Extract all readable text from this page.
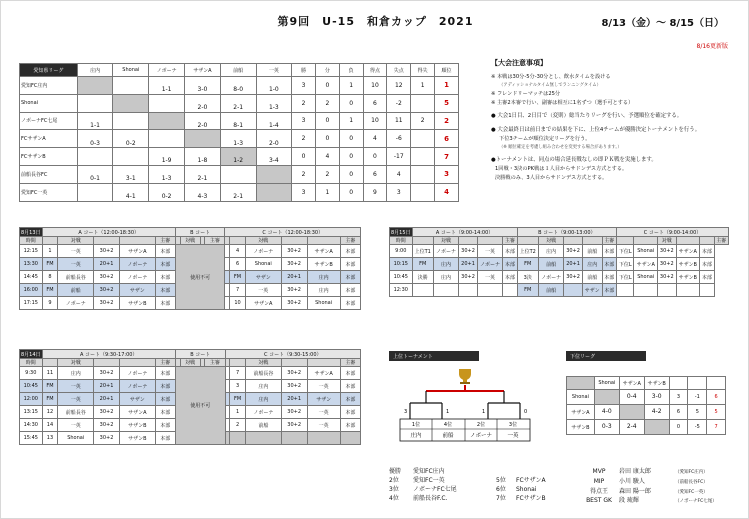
第9回　U-15　和倉カップ　2021	8/13（金）～ 8/15（日）
8/16更新版
愛知県リーグ	庄内	Shonai	ノボーナ	サザンA	前船	一英	勝	分	負	得点	失点	得失	順位
愛知FC庄内			1-1	3-0	8-0	1-0	3	0	1	10	12	1	1
Shonai				2-0	2-1	1-3	2	2	0	6	-2		5
ノボーナFC七尾	1-1			2-0	8-1	1-4	3	0	1	10	11	2	2
FCサザンA	0-3	0-2			1-3	2-0	2	0	0	4	-6		6
FCサザンB			1-9	1-8	1-2	3-4	0	4	0	0	-17		7
前船長谷FC	0-1	3-1	1-3	2-1			2	2	0	6	4		3
愛知FC一英		4-1	0-2	4-3	2-1		3	1	0	9	3		4
【大会注意事項】

※ 本戦は30分-5分-30分とし、飲水タイムを設ける

（アディッショナルタイム無しでランニングタイム）

※ フレンドリーマッチは25分

※ 主審2本審で行い、副審は相互に1名ずつ（選手可とする）

● 大会1日目、2日目で（変則）総当たりリーグを行い、予選順位を確定する。

● 大会最終日は前日までの結果を下に、上位4チームが優勝決定トーナメントを行う。

下位3チームが順位決定リーグを行う。

（※ 順位確定を考慮し組み合わせを変更する場合があります。）

●トーナメントは、同点の場合延長戦なしの即ＰＫ戦を実施します。

1回戦・3決のPK戦は１人目からサドンデス方式とする。

決勝戦のみ、3人目からサドンデス方式とする。

8月13日	A コート（12:00-18:30）					B コート				C コート（12:00-18:30）					
時間		対戦			主審		対戦		主審			対戦			主審
12:15	1	一英	30+2	サザンA	本部	使用不可					4	ノボーナ	30+2	サザンA	本部
13:30	FM	一英	20+1	ノボーナ	本部						6	Shonai	30+2	サザンB	本部
14:45	8	前船長谷	30+2	ノボーナ	本部						FM	サザン	20+1	庄内	本部
16:00	FM	前船	30+2	サザン	本部						7	一英	30+2	庄内	本部
17:15	9	ノボーナ	30+2	サザンB	本部						10	サザンA	30+2	Shonai	本部
8月15日	A コート（9:00-14:00）					B コート（9:00-13:00）					C コート（9:00-14:00）					
時間		対戦			主審		対戦			主審			対戦			主審
9:00	上位T1	ノボーナ	30+2	一英	本部	上位T2	庄内	30+2	前船	本部	下位L	Shonai	30+2	サザンA	本部	
10:15	FM	庄内	20+1	ノボーナ	本部	FM	前船	20+1	庄内	本部	下位L	サザンA	30+2	サザンB	本部	
10:45	決勝	庄内	30+2	一英	本部	3決	ノボーナ	30+2	前船	本部	下位L	Shonai	30+2	サザンB	本部	
12:30						FM	前船		サザン	本部						
8月14日	A コート（9:30-17:00）					B コート				C コート（9:30-15:00）					
時間		対戦			主審		対戦		主審			対戦			主審
9:30	11	庄内	30+2	ノボーナ	本部	使用不可					7	前船長谷	30+2	サザンA	本部
10:45	FM	一英	20+1	ノボーナ	本部						3	庄内	30+2	一英	本部
12:00	FM	一英	20+1	サザン	本部						FM	庄内	20+1	サザン	本部
13:15	12	前船長谷	30+2	サザンA	本部						1	ノボーナ	30+2	一英	本部
14:30	14	一英	30+2	サザンB	本部						2	前船	30+2	一英	本部
15:45	13	Shonai	30+2	サザンB	本部										
上位トーナメント
1位	4位	2位	3位
庄内	前船	ノボーナ	一英
3	1	1	0
下位リーグ
	Shonai	サザンA	サザンB			
Shonai		0-4	3-0	3	-1	6
サザンA	4-0		4-2	6	5	5
サザンB	0-3	2-4		0	-5	7
優勝 愛知FC庄内
2位 愛知FC一英
3位 ノボーナFC七尾
4位 前船長谷F.C.
5位 FCサザンA
6位 Shonai
7位 FCサザンB
MVP 岩田 康太郎	（愛知FC庄内）
MIP 小川 駿人	（前船長谷FC）
得点王 森田 陽一郎	（愛知FC一英）
BEST GK 段 琉輝	（ノボーナFC七尾）
